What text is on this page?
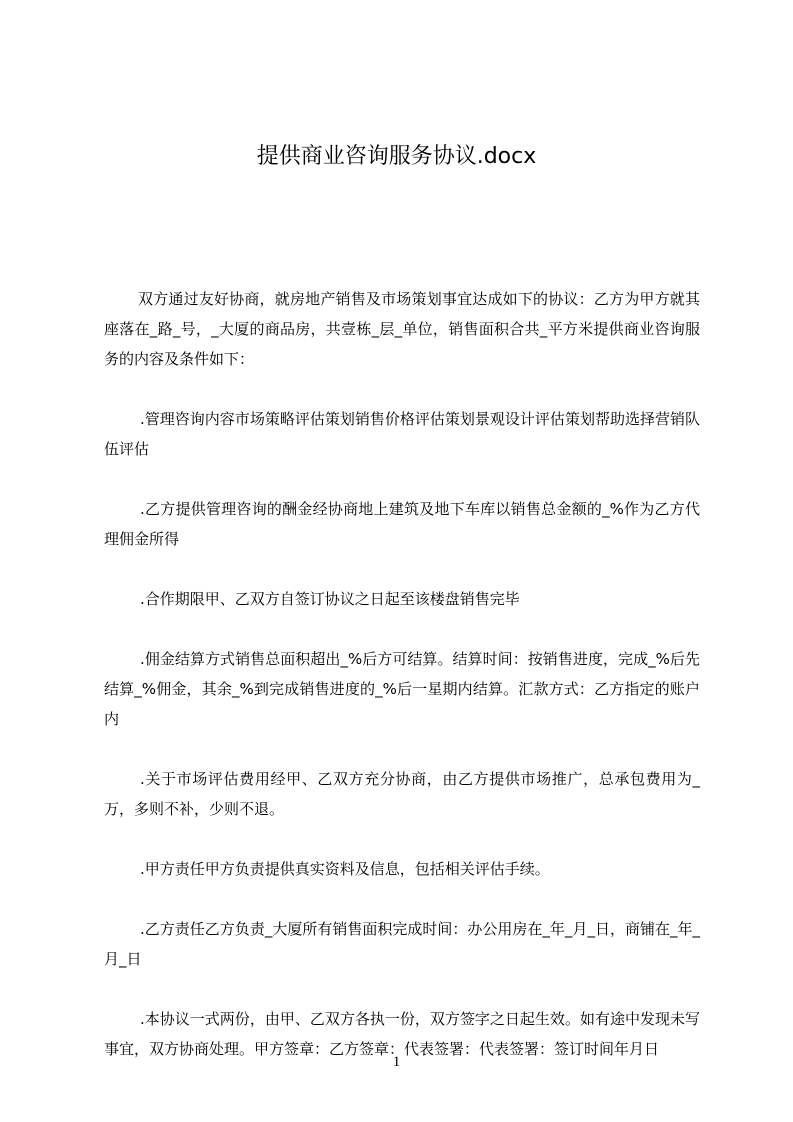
提供商业咨询服务协议.docx

双方通过友好协商，就房地产销售及市场策划事宜达成如下的协议：乙方为甲方就其座落在_路_号，_大厦的商品房，共壹栋_层_单位，销售面积合共_平方米提供商业咨询服务的内容及条件如下：

.管理咨询内容市场策略评估策划销售价格评估策划景观设计评估策划帮助选择营销队伍评估

.乙方提供管理咨询的酬金经协商地上建筑及地下车库以销售总金额的_%作为乙方代理佣金所得

.合作期限甲、乙双方自签订协议之日起至该楼盘销售完毕

.佣金结算方式销售总面积超出_%后方可结算。结算时间：按销售进度，完成_%后先结算_%佣金，其余_%到完成销售进度的_%后一星期内结算。汇款方式：乙方指定的账户内

.关于市场评估费用经甲、乙双方充分协商，由乙方提供市场推广，总承包费用为_万，多则不补，少则不退。

.甲方责任甲方负责提供真实资料及信息，包括相关评估手续。

.乙方责任乙方负责_大厦所有销售面积完成时间：办公用房在_年_月_日，商铺在_年_月_日

.本协议一式两份，由甲、乙双方各执一份，双方签字之日起生效。如有途中发现未写事宜，双方协商处理。甲方签章：乙方签章：代表签署：代表签署：签订时间年月日

1
